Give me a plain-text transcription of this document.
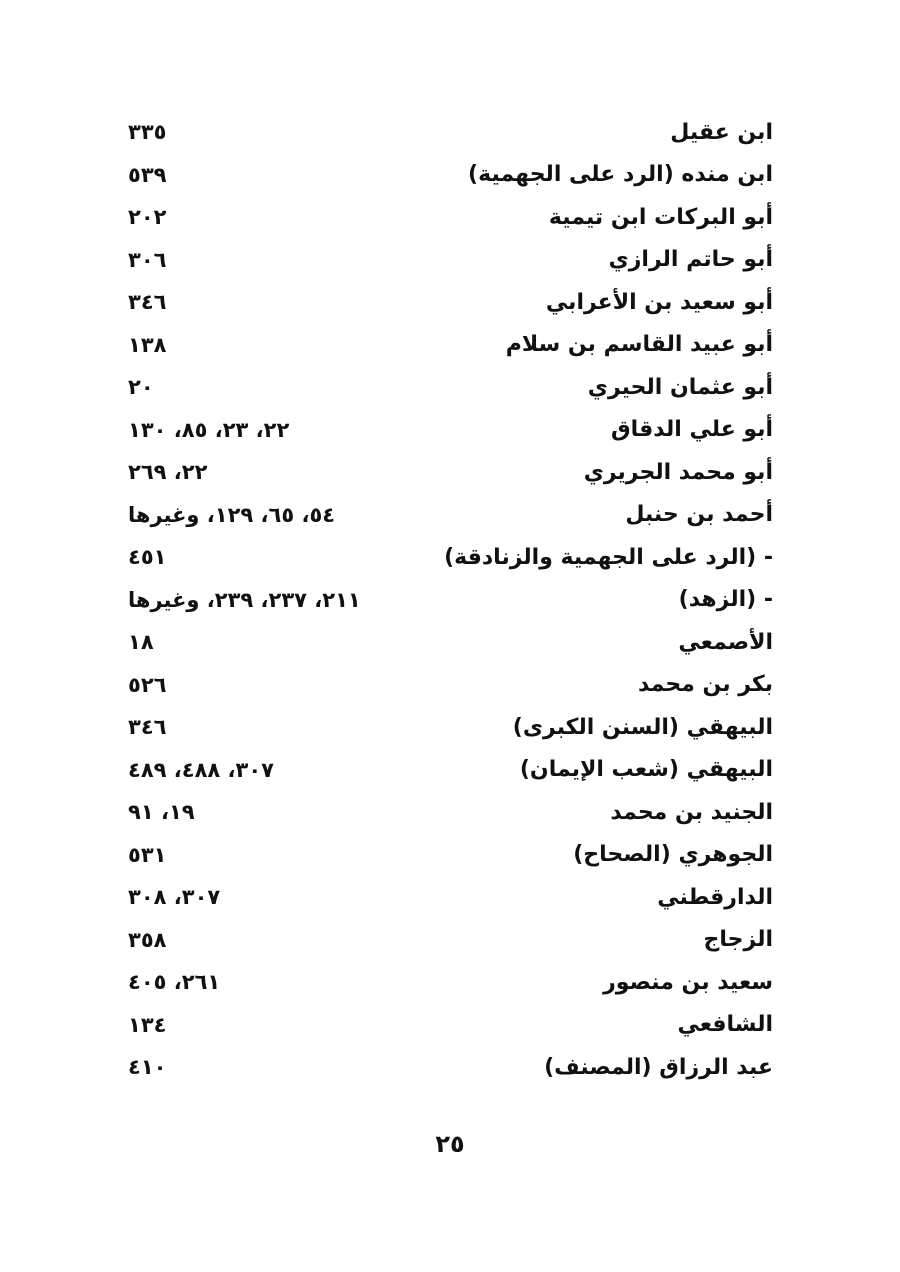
ابن عقيل
٣٣٥
ابن منده (الرد على الجهمية)
٥٣٩
أبو البركات ابن تيمية
٢٠٢
أبو حاتم الرازي
٣٠٦
أبو سعيد بن الأعرابي
٣٤٦
أبو عبيد القاسم بن سلام
١٣٨
أبو عثمان الحيري
٢٠
أبو علي الدقاق
٢٢، ٢٣، ٨٥، ١٣٠
أبو محمد الجريري
٢٢، ٢٦٩
أحمد بن حنبل
٥٤، ٦٥، ١٢٩، وغيرها
- (الرد على الجهمية والزنادقة)
٤٥١
- (الزهد)
٢١١، ٢٣٧، ٢٣٩، وغيرها
الأصمعي
١٨
بكر بن محمد
٥٢٦
البيهقي (السنن الكبرى)
٣٤٦
البيهقي (شعب الإيمان)
٣٠٧، ٤٨٨، ٤٨٩
الجنيد بن محمد
١٩، ٩١
الجوهري (الصحاح)
٥٣١
الدارقطني
٣٠٧، ٣٠٨
الزجاج
٣٥٨
سعيد بن منصور
٢٦١، ٤٠٥
الشافعي
١٣٤
عبد الرزاق (المصنف)
٤١٠
٢٥
